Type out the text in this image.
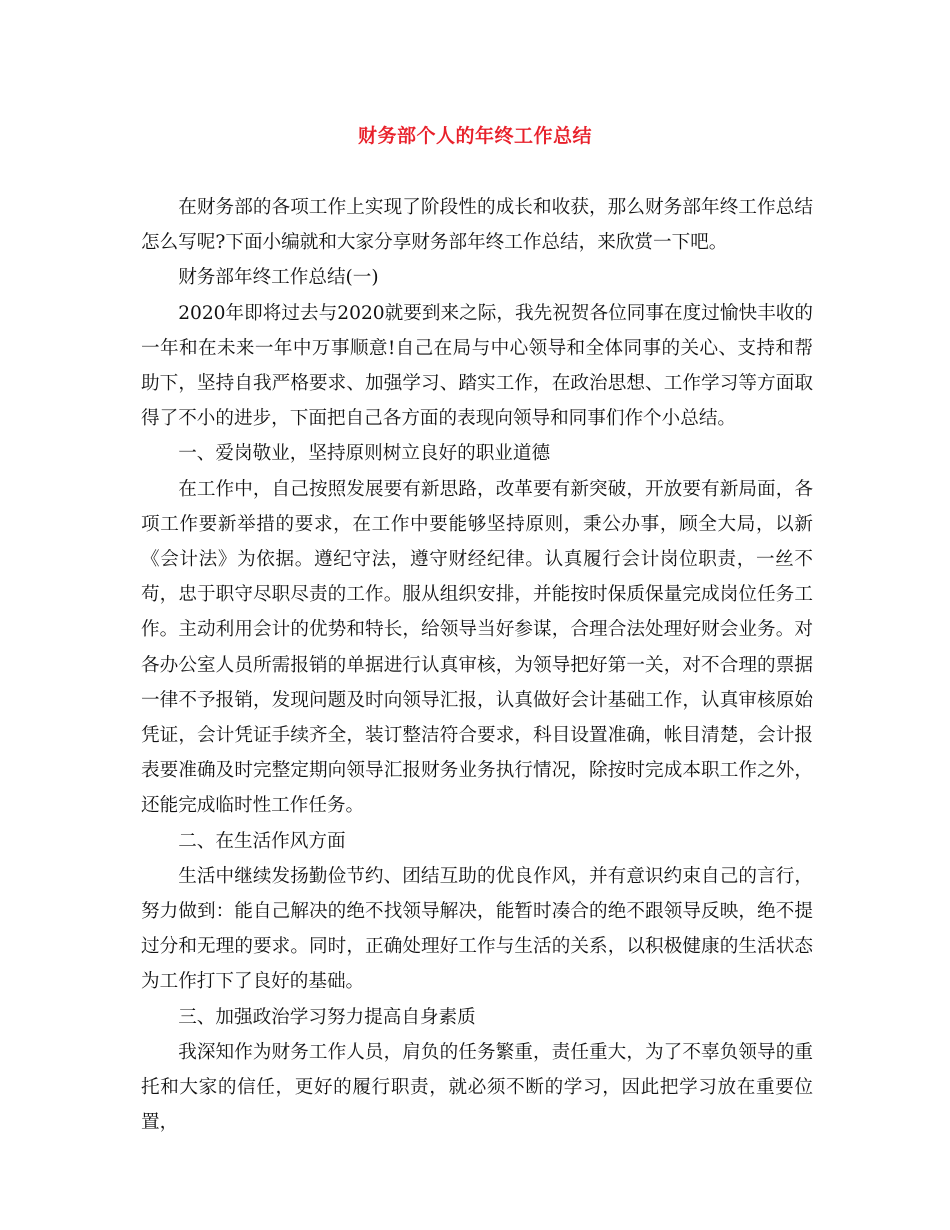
财务部个人的年终工作总结

在财务部的各项工作上实现了阶段性的成长和收获，那么财务部年终工作总结怎么写呢?下面小编就和大家分享财务部年终工作总结，来欣赏一下吧。

财务部年终工作总结(一)

2020年即将过去与2020就要到来之际，我先祝贺各位同事在度过愉快丰收的一年和在未来一年中万事顺意!自己在局与中心领导和全体同事的关心、支持和帮助下，坚持自我严格要求、加强学习、踏实工作，在政治思想、工作学习等方面取得了不小的进步，下面把自己各方面的表现向领导和同事们作个小总结。

一、爱岗敬业，坚持原则树立良好的职业道德

在工作中，自己按照发展要有新思路，改革要有新突破，开放要有新局面，各项工作要新举措的要求，在工作中要能够坚持原则，秉公办事，顾全大局，以新《会计法》为依据。遵纪守法，遵守财经纪律。认真履行会计岗位职责，一丝不苟，忠于职守尽职尽责的工作。服从组织安排，并能按时保质保量完成岗位任务工作。主动利用会计的优势和特长，给领导当好参谋，合理合法处理好财会业务。对各办公室人员所需报销的单据进行认真审核，为领导把好第一关，对不合理的票据一律不予报销，发现问题及时向领导汇报，认真做好会计基础工作，认真审核原始凭证，会计凭证手续齐全，装订整洁符合要求，科目设置准确，帐目清楚，会计报表要准确及时完整定期向领导汇报财务业务执行情况，除按时完成本职工作之外，还能完成临时性工作任务。

二、在生活作风方面

生活中继续发扬勤俭节约、团结互助的优良作风，并有意识约束自己的言行，努力做到：能自己解决的绝不找领导解决，能暂时凑合的绝不跟领导反映，绝不提过分和无理的要求。同时，正确处理好工作与生活的关系，以积极健康的生活状态为工作打下了良好的基础。

三、加强政治学习努力提高自身素质

我深知作为财务工作人员，肩负的任务繁重，责任重大，为了不辜负领导的重托和大家的信任，更好的履行职责，就必须不断的学习，因此把学习放在重要位置，
